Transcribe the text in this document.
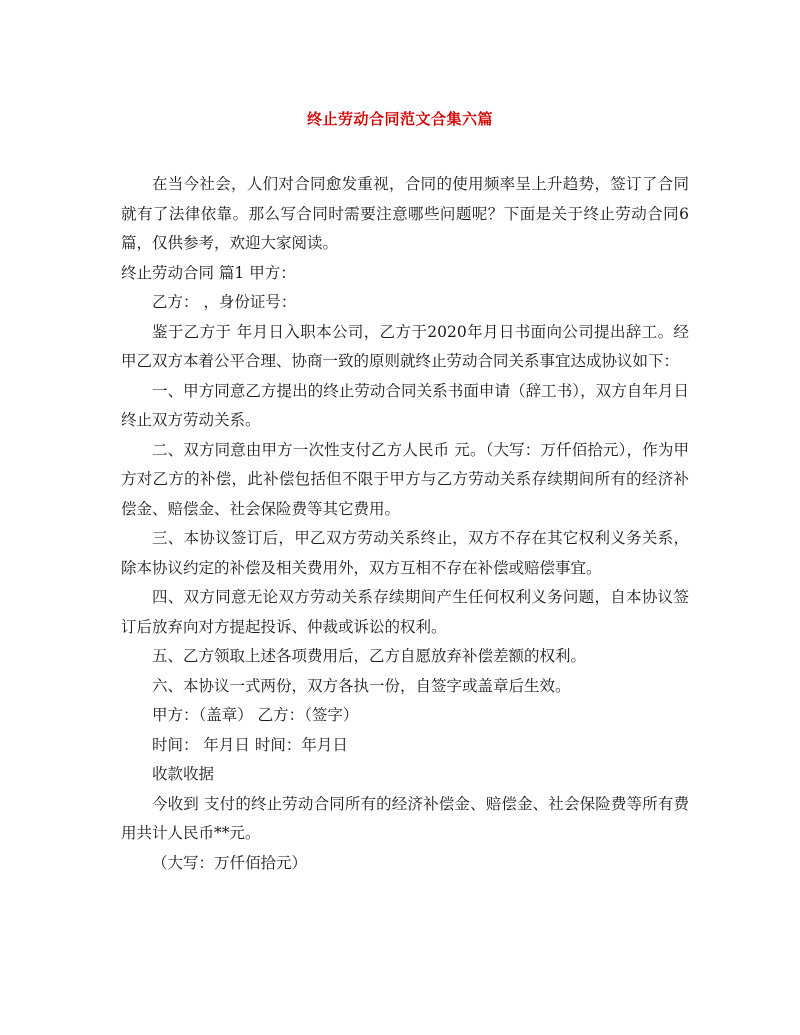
终止劳动合同范文合集六篇

在当今社会，人们对合同愈发重视，合同的使用频率呈上升趋势，签订了合同就有了法律依靠。那么写合同时需要注意哪些问题呢？下面是关于终止劳动合同6篇，仅供参考，欢迎大家阅读。

终止劳动合同 篇1 甲方：

乙方： ，身份证号：

鉴于乙方于 年月日入职本公司，乙方于2020年月日书面向公司提出辞工。经甲乙双方本着公平合理、协商一致的原则就终止劳动合同关系事宜达成协议如下：

一、甲方同意乙方提出的终止劳动合同关系书面申请（辞工书），双方自年月日终止双方劳动关系。

二、双方同意由甲方一次性支付乙方人民币 元。（大写：万仟佰拾元），作为甲方对乙方的补偿，此补偿包括但不限于甲方与乙方劳动关系存续期间所有的经济补偿金、赔偿金、社会保险费等其它费用。

三、本协议签订后，甲乙双方劳动关系终止，双方不存在其它权利义务关系，除本协议约定的补偿及相关费用外，双方互相不存在补偿或赔偿事宜。

四、双方同意无论双方劳动关系存续期间产生任何权利义务问题，自本协议签订后放弃向对方提起投诉、仲裁或诉讼的权利。

五、乙方领取上述各项费用后，乙方自愿放弃补偿差额的权利。

六、本协议一式两份，双方各执一份，自签字或盖章后生效。

甲方：（盖章） 乙方：（签字）

时间： 年月日 时间：年月日

收款收据

今收到 支付的终止劳动合同所有的经济补偿金、赔偿金、社会保险费等所有费用共计人民币**元。

（大写：万仟佰拾元）
